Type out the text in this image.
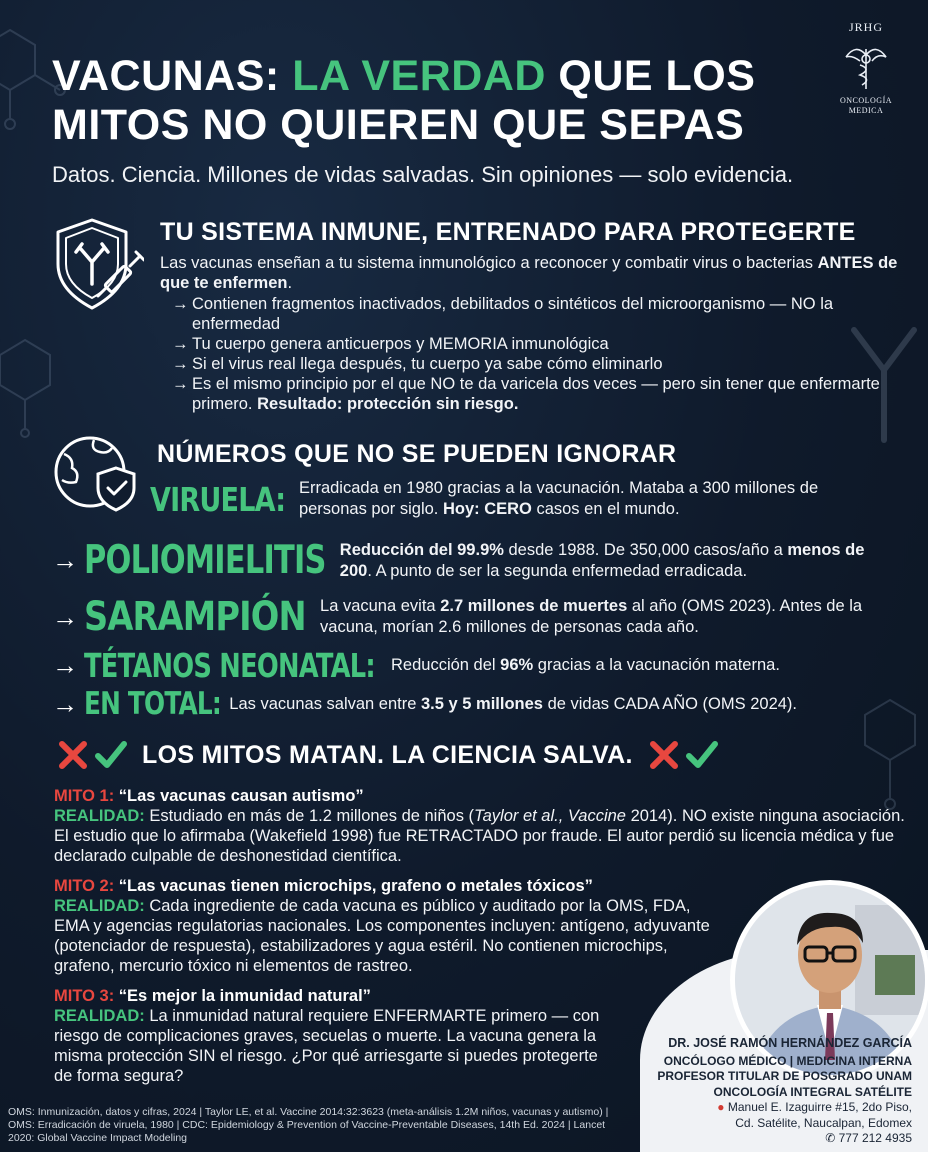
JRHG
ONCOLOGÍA
MEDICA
VACUNAS: LA VERDAD QUE LOS MITOS NO QUIEREN QUE SEPAS
Datos. Ciencia. Millones de vidas salvadas. Sin opiniones — solo evidencia.
TU SISTEMA INMUNE, ENTRENADO PARA PROTEGERTE
Las vacunas enseñan a tu sistema inmunológico a reconocer y combatir virus o bacterias ANTES de que te enfermen.
→ Contienen fragmentos inactivados, debilitados o sintéticos del microorganismo — NO la enfermedad
→ Tu cuerpo genera anticuerpos y MEMORIA inmunológica
→ Si el virus real llega después, tu cuerpo ya sabe cómo eliminarlo
→ Es el mismo principio por el que NO te da varicela dos veces — pero sin tener que enfermarte primero. Resultado: protección sin riesgo.
NÚMEROS QUE NO SE PUEDEN IGNORAR
VIRUELA: Erradicada en 1980 gracias a la vacunación. Mataba a 300 millones de personas por siglo. Hoy: CERO casos en el mundo.
→ POLIOMIELITIS Reducción del 99.9% desde 1988. De 350,000 casos/año a menos de 200. A punto de ser la segunda enfermedad erradicada.
→ SARAMPIÓN La vacuna evita 2.7 millones de muertes al año (OMS 2023). Antes de la vacuna, morían 2.6 millones de personas cada año.
→ TÉTANOS NEONATAL: Reducción del 96% gracias a la vacunación materna.
→ EN TOTAL: Las vacunas salvan entre 3.5 y 5 millones de vidas CADA AÑO (OMS 2024).
LOS MITOS MATAN. LA CIENCIA SALVA.
MITO 1: “Las vacunas causan autismo”
REALIDAD: Estudiado en más de 1.2 millones de niños (Taylor et al., Vaccine 2014). NO existe ninguna asociación. El estudio que lo afirmaba (Wakefield 1998) fue RETRACTADO por fraude. El autor perdió su licencia médica y fue declarado culpable de deshonestidad científica.
MITO 2: “Las vacunas tienen microchips, grafeno o metales tóxicos”
REALIDAD: Cada ingrediente de cada vacuna es público y auditado por la OMS, FDA, EMA y agencias regulatorias nacionales. Los componentes incluyen: antígeno, adyuvante (potenciador de respuesta), estabilizadores y agua estéril. No contienen microchips, grafeno, mercurio tóxico ni elementos de rastreo.
MITO 3: “Es mejor la inmunidad natural”
REALIDAD: La inmunidad natural requiere ENFERMARTE primero — con riesgo de complicaciones graves, secuelas o muerte. La vacuna genera la misma protección SIN el riesgo. ¿Por qué arriesgarte si puedes protegerte de forma segura?
DR. JOSÉ RAMÓN HERNÁNDEZ GARCÍA
ONCÓLOGO MÉDICO | MEDICINA INTERNA
PROFESOR TITULAR DE POSGRADO UNAM
ONCOLOGÍA INTEGRAL SATÉLITE
● Manuel E. Izaguirre #15, 2do Piso,
Cd. Satélite, Naucalpan, Edomex
✆ 777 212 4935
OMS: Inmunización, datos y cifras, 2024 | Taylor LE, et al. Vaccine 2014:32:3623 (meta-análisis 1.2M niños, vacunas y autismo) | OMS: Erradicación de viruela, 1980 | CDC: Epidemiology & Prevention of Vaccine-Preventable Diseases, 14th Ed. 2024 | Lancet 2020: Global Vaccine Impact Modeling
